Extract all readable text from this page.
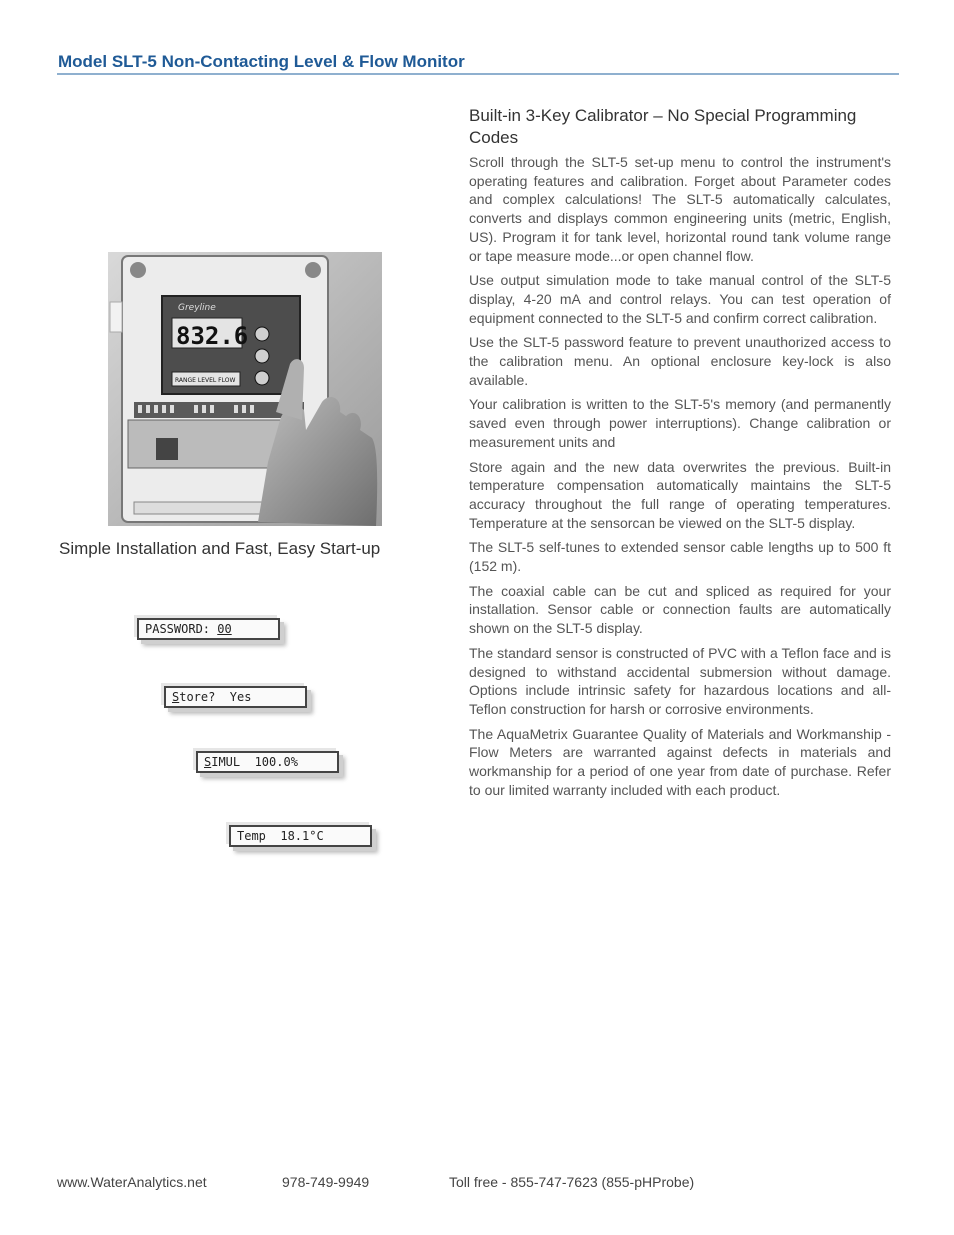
Model SLT-5 Non-Contacting Level & Flow Monitor
Greyline
832.6
RANGE LEVEL FLOW
Simple Installation and Fast, Easy Start-up
PASSWORD: 00
Store?  Yes
SIMUL  100.0%
Temp  18.1°C
Built-in 3-Key Calibrator – No Special Programming Codes

Scroll through the SLT-5 set-up menu to control the instrument's operating features and calibration. Forget about Parameter codes and complex calculations! The SLT-5 automatically calculates, converts and displays common engineering units (metric, English, US). Program it for tank level, horizontal round tank volume range or tape measure mode...or open channel flow.

Use output simulation mode to take manual control of the SLT-5 display, 4-20 mA and control relays. You can test operation of equipment connected to the SLT-5 and confirm correct calibration.

Use the SLT-5 password feature to prevent unauthorized access to the calibration menu. An optional enclosure key-lock is also available.

Your calibration is written to the SLT-5's memory (and permanently saved even through power interruptions). Change calibration or measurement units and

Store again and the new data overwrites the previous. Built-in temperature compensation automatically maintains the SLT-5 accuracy throughout the full range of operating temperatures. Temperature at the sensorcan be viewed on the SLT-5 display.

The SLT-5 self-tunes to extended sensor cable lengths up to 500 ft (152 m).

The coaxial cable can be cut and spliced as required for your installation. Sensor cable or connection faults are automatically shown on the SLT-5 display.

The standard sensor is constructed of PVC with a Teflon face and is designed to withstand accidental submersion without damage. Options include intrinsic safety for hazardous locations and all-Teflon construction for harsh or corrosive environments.

The AquaMetrix Guarantee Quality of Materials and Workmanship - Flow Meters are warranted against defects in materials and workmanship for a period of one year from date of purchase. Refer to our limited warranty included with each product.

www.WaterAnalytics.net	978-749-9949	Toll free - 855-747-7623 (855-pHProbe)
